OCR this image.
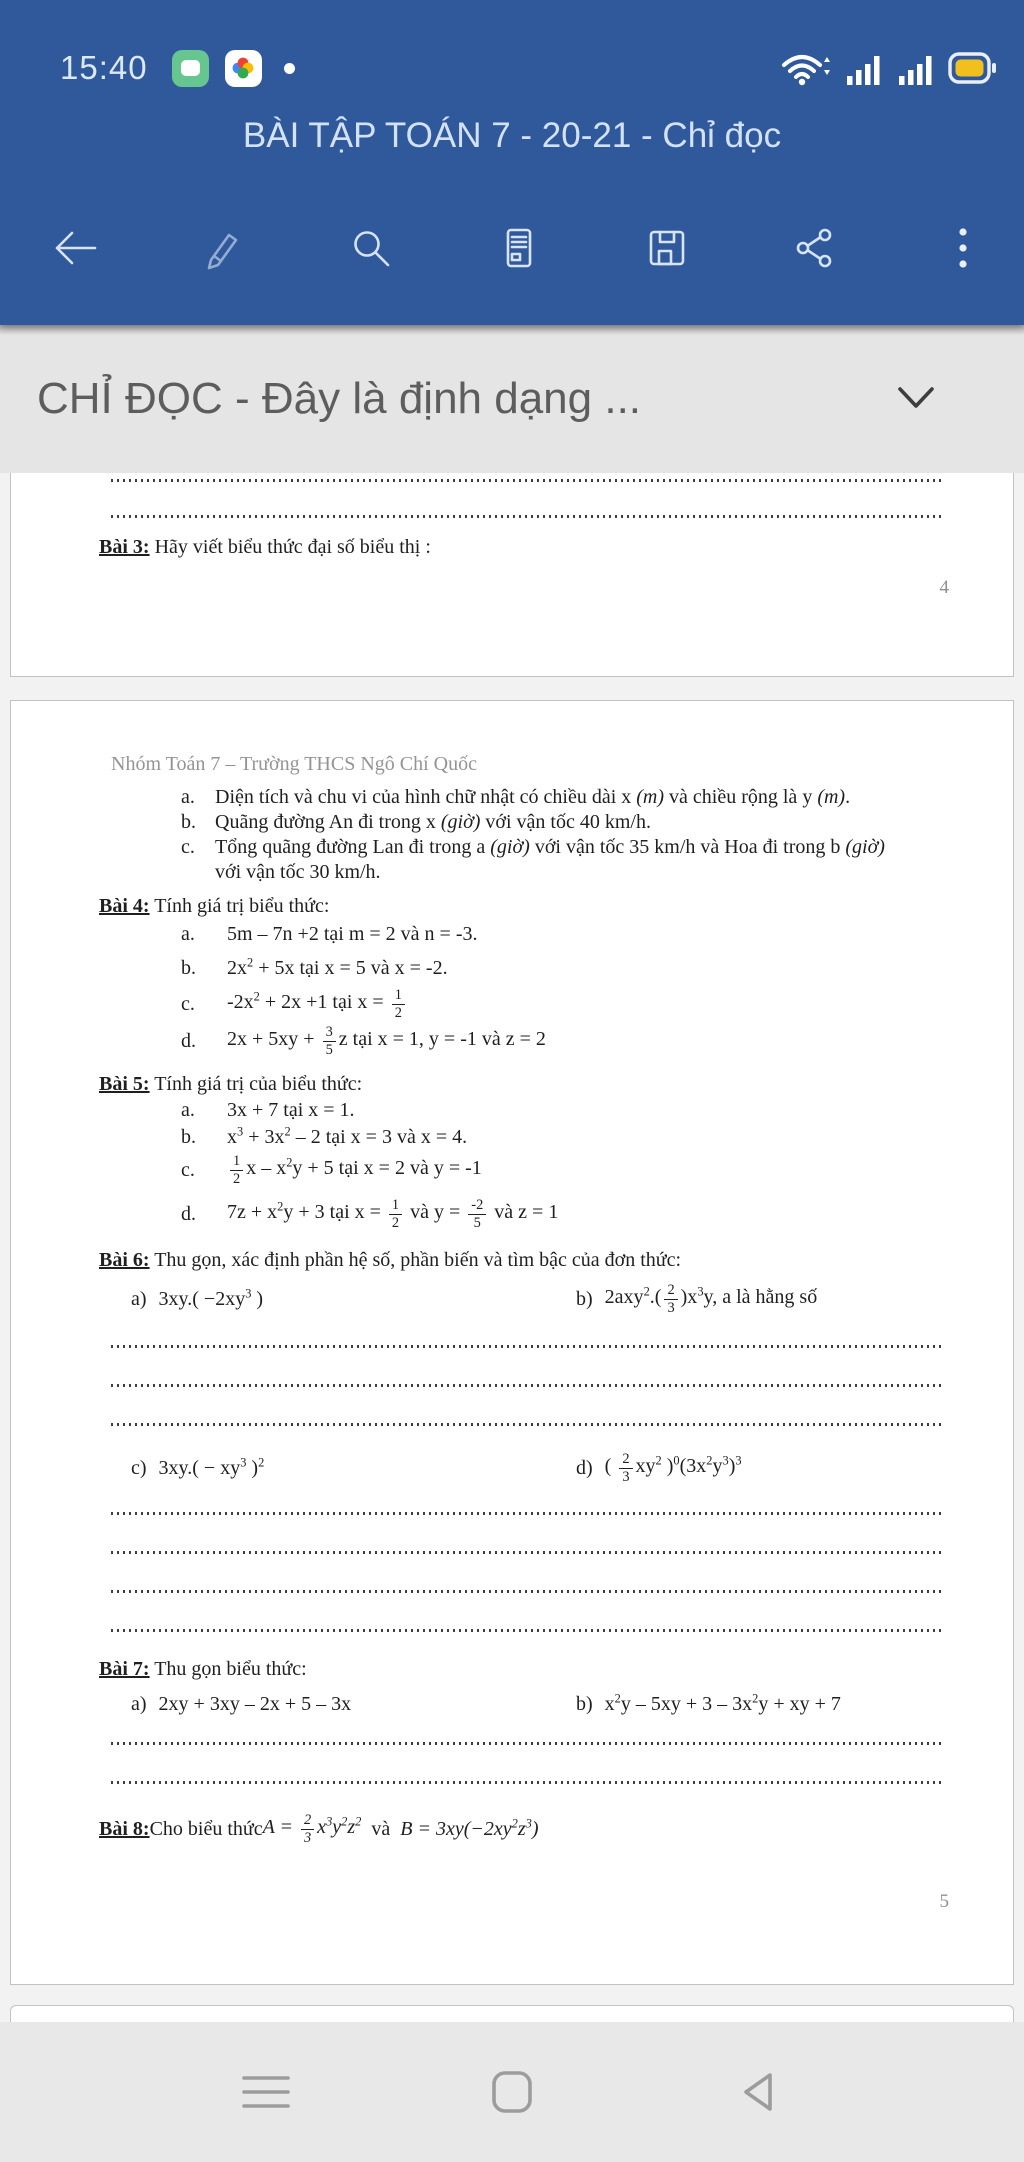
15:40
BÀI TẬP TOÁN 7 - 20-21 - Chỉ đọc
CHỈ ĐỌC - Đây là định dạng ...
Bài 3: Hãy viết biểu thức đại số biểu thị :
4
Nhóm Toán 7 – Trường THCS Ngô Chí Quốc
a.	Diện tích và chu vi của hình chữ nhật có chiều dài x (m) và chiều rộng là y (m).
b. Quãng đường An đi trong x (giờ) với vận tốc 40 km/h.
c.	Tổng quãng đường Lan đi trong a (giờ) với vận tốc 35 km/h và Hoa đi trong b (giờ)
với vận tốc 30 km/h.
Bài 4: Tính giá trị biểu thức:
a.	5m – 7n +2 tại m = 2 và n = -3.
b.	$2x^2 + 5x$ tại x = 5 và x = -2.
c.	$-2x^2 + 2x +1$ tại $x = \frac{1}{2}$
d.	$2x + 5xy + \frac{3}{5}$ z tại x = 1, y = -1 và z = 2
Bài 5: Tính giá trị của biểu thức:
a.	3x + 7 tại x = 1.
b.	$x^3 + 3x^2 - 2$ tại x = 3 và x = 4.
c.	$\frac{1}{2}$ $x - x^2y + 5$ tại x = 2 và y = -1
d.	$7z + x^2y + 3$ tại $x = \frac{1}{2}$ và $y = \frac{-2}{5}$ và z = 1
Bài 6: Thu gọn, xác định phần hệ số, phần biến và tìm bậc của đơn thức:
a) $3xy.( -2xy^3$ )	b) $2axy^2.( \frac{2}{3} )x^3y$, a là hằng số
c) $3xy.( - xy^3$ )$^2$	d) ( $\frac{2}{3} xy^2$ )$^0(3x^2y^3)^3$
Bài 7: Thu gọn biểu thức:
a) 2xy + 3xy – 2x + 5 – 3x	b) $x^2y - 5xy + 3 - 3x^2y$ + xy + 7
Bài 8: Cho biểu thức $A = \frac{2}{3} x^3y^2z^2$ và $B = 3xy(-2xy^2z^3)$
5
